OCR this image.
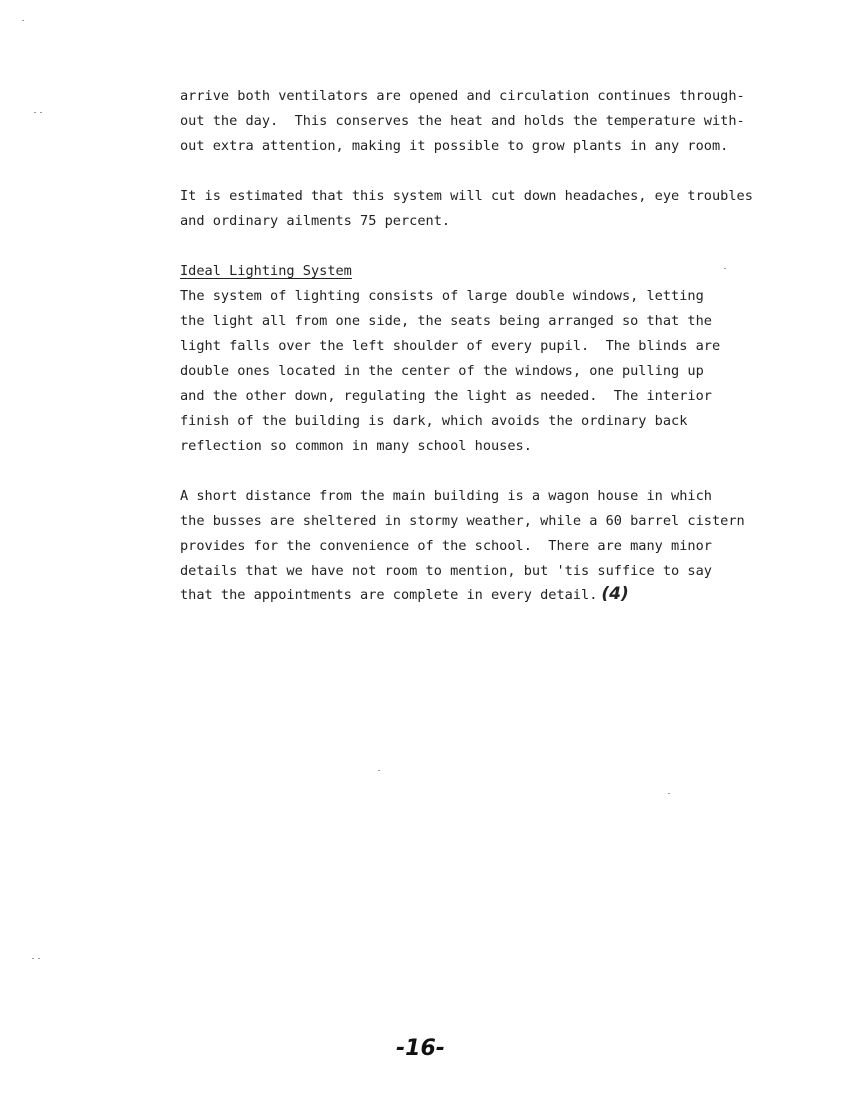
arrive both ventilators are opened and circulation continues through-
out the day.  This conserves the heat and holds the temperature with-
out extra attention, making it possible to grow plants in any room.
It is estimated that this system will cut down headaches, eye troubles
and ordinary ailments 75 percent.
Ideal Lighting System
The system of lighting consists of large double windows, letting
the light all from one side, the seats being arranged so that the
light falls over the left shoulder of every pupil.  The blinds are
double ones located in the center of the windows, one pulling up
and the other down, regulating the light as needed.  The interior
finish of the building is dark, which avoids the ordinary back
reflection so common in many school houses.
A short distance from the main building is a wagon house in which
the busses are sheltered in stormy weather, while a 60 barrel cistern
provides for the convenience of the school.  There are many minor
details that we have not room to mention, but 'tis suffice to say
that the appointments are complete in every detail. (4)
-16-
